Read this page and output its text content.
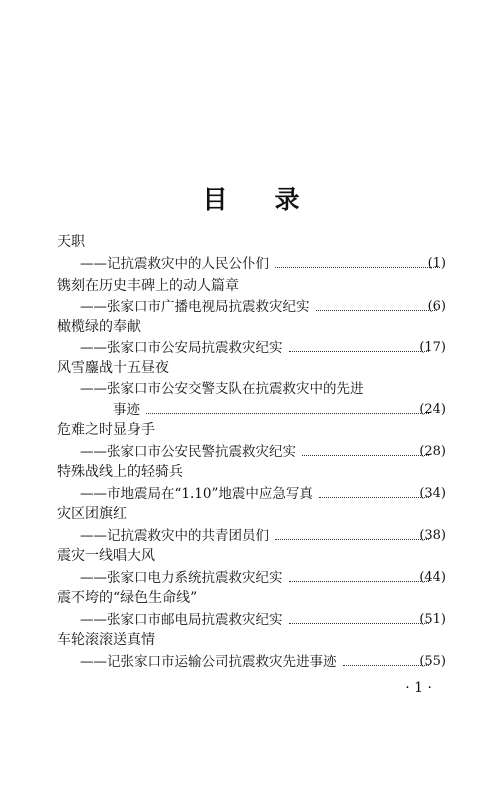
目 录
天职
——记抗震救灾中的人民公仆们	(1)
镌刻在历史丰碑上的动人篇章
——张家口市广播电视局抗震救灾纪实	(6)
橄榄绿的奉献
——张家口市公安局抗震救灾纪实	(17)
风雪鏖战十五昼夜
——张家口市公安交警支队在抗震救灾中的先进
事迹	(24)
危难之时显身手
——张家口市公安民警抗震救灾纪实	(28)
特殊战线上的轻骑兵
——市地震局在“1.10”地震中应急写真	(34)
灾区团旗红
——记抗震救灾中的共青团员们	(38)
震灾一线唱大风
——张家口电力系统抗震救灾纪实	(44)
震不垮的“绿色生命线”
——张家口市邮电局抗震救灾纪实	(51)
车轮滚滚送真情
——记张家口市运输公司抗震救灾先进事迹	(55)
· 1 ·
